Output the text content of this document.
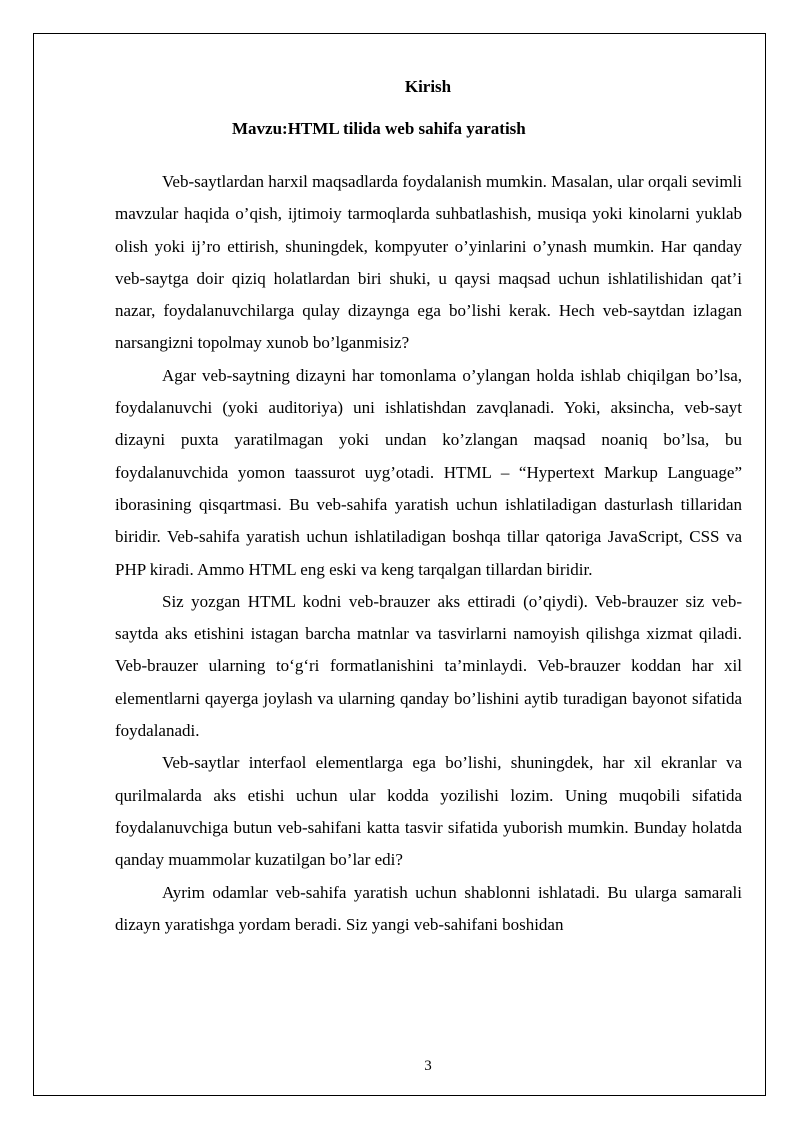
Kirish
Mavzu:HTML tilida web sahifa yaratish

Veb-saytlardan harxil maqsadlarda foydalanish mumkin. Masalan, ular orqali sevimli mavzular haqida o’qish, ijtimoiy tarmoqlarda suhbatlashish, musiqa yoki kinolarni yuklab olish yoki ij’ro ettirish, shuningdek, kompyuter o’yinlarini o’ynash mumkin. Har qanday veb-saytga doir qiziq holatlardan biri shuki, u qaysi maqsad uchun ishlatilishidan qat’i nazar, foydalanuvchilarga qulay dizaynga ega bo’lishi kerak. Hech veb-saytdan izlagan narsangizni topolmay xunob bo’lganmisiz?

Agar veb-saytning dizayni har tomonlama o’ylangan holda ishlab chiqilgan bo’lsa, foydalanuvchi (yoki auditoriya) uni ishlatishdan zavqlanadi. Yoki, aksincha, veb-sayt dizayni puxta yaratilmagan yoki undan ko’zlangan maqsad noaniq bo’lsa, bu foydalanuvchida yomon taassurot uyg’otadi. HTML – “Hypertext Markup Language” iborasining qisqartmasi. Bu veb-sahifa yaratish uchun ishlatiladigan dasturlash tillaridan biridir. Veb-sahifa yaratish uchun ishlatiladigan boshqa tillar qatoriga JavaScript, CSS va PHP kiradi. Ammo HTML eng eski va keng tarqalgan tillardan biridir.

Siz yozgan HTML kodni veb-brauzer aks ettiradi (o’qiydi). Veb-brauzer siz veb-saytda aks etishini istagan barcha matnlar va tasvirlarni namoyish qilishga xizmat qiladi. Veb-brauzer ularning to‘g‘ri formatlanishini ta’minlaydi. Veb-brauzer koddan har xil elementlarni qayerga joylash va ularning qanday bo’lishini aytib turadigan bayonot sifatida foydalanadi.

Veb-saytlar interfaol elementlarga ega bo’lishi, shuningdek, har xil ekranlar va qurilmalarda aks etishi uchun ular kodda yozilishi lozim. Uning muqobili sifatida foydalanuvchiga butun veb-sahifani katta tasvir sifatida yuborish mumkin. Bunday holatda qanday muammolar kuzatilgan bo’lar edi?

Ayrim odamlar veb-sahifa yaratish uchun shablonni ishlatadi. Bu ularga samarali dizayn yaratishga yordam beradi. Siz yangi veb-sahifani boshidan

3
